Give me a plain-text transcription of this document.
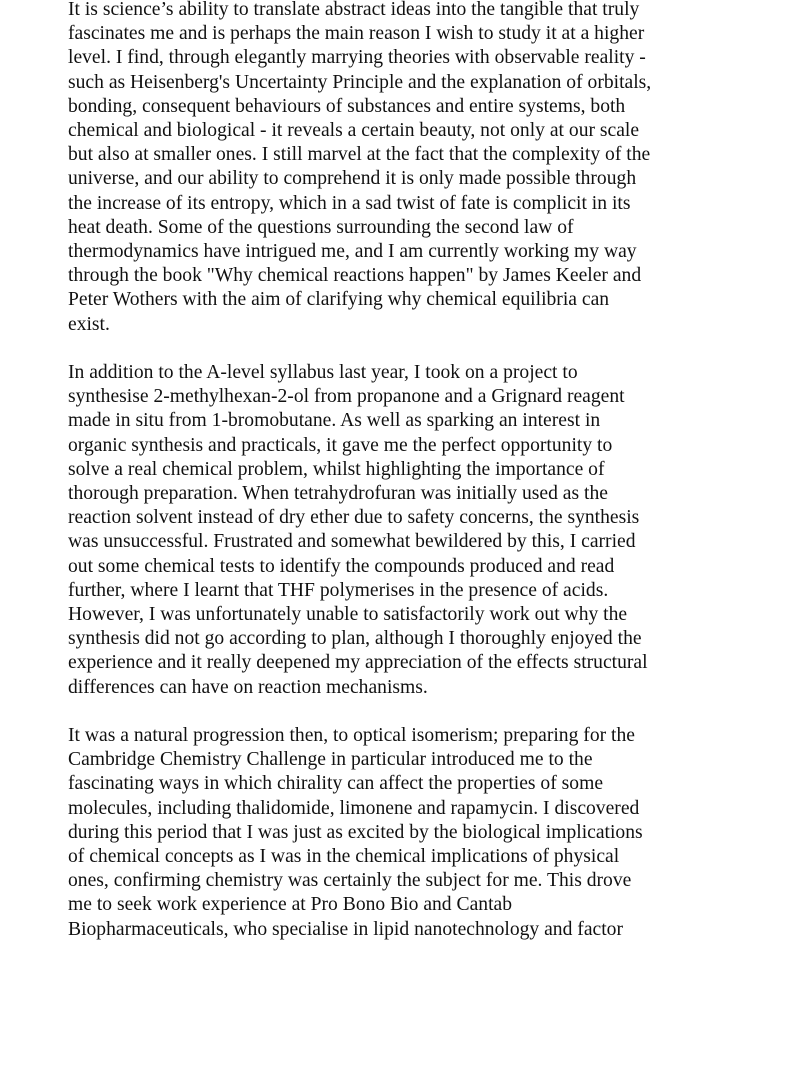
It is science’s ability to translate abstract ideas into the tangible that truly
fascinates me and is perhaps the main reason I wish to study it at a higher
level. I find, through elegantly marrying theories with observable reality -
such as Heisenberg's Uncertainty Principle and the explanation of orbitals,
bonding, consequent behaviours of substances and entire systems, both
chemical and biological - it reveals a certain beauty, not only at our scale
but also at smaller ones. I still marvel at the fact that the complexity of the
universe, and our ability to comprehend it is only made possible through
the increase of its entropy, which in a sad twist of fate is complicit in its
heat death. Some of the questions surrounding the second law of
thermodynamics have intrigued me, and I am currently working my way
through the book "Why chemical reactions happen" by James Keeler and
Peter Wothers with the aim of clarifying why chemical equilibria can
exist.
In addition to the A-level syllabus last year, I took on a project to
synthesise 2-methylhexan-2-ol from propanone and a Grignard reagent
made in situ from 1-bromobutane. As well as sparking an interest in
organic synthesis and practicals, it gave me the perfect opportunity to
solve a real chemical problem, whilst highlighting the importance of
thorough preparation. When tetrahydrofuran was initially used as the
reaction solvent instead of dry ether due to safety concerns, the synthesis
was unsuccessful. Frustrated and somewhat bewildered by this, I carried
out some chemical tests to identify the compounds produced and read
further, where I learnt that THF polymerises in the presence of acids.
However, I was unfortunately unable to satisfactorily work out why the
synthesis did not go according to plan, although I thoroughly enjoyed the
experience and it really deepened my appreciation of the effects structural
differences can have on reaction mechanisms.
It was a natural progression then, to optical isomerism; preparing for the
Cambridge Chemistry Challenge in particular introduced me to the
fascinating ways in which chirality can affect the properties of some
molecules, including thalidomide, limonene and rapamycin. I discovered
during this period that I was just as excited by the biological implications
of chemical concepts as I was in the chemical implications of physical
ones, confirming chemistry was certainly the subject for me. This drove
me to seek work experience at Pro Bono Bio and Cantab
Biopharmaceuticals, who specialise in lipid nanotechnology and factor
